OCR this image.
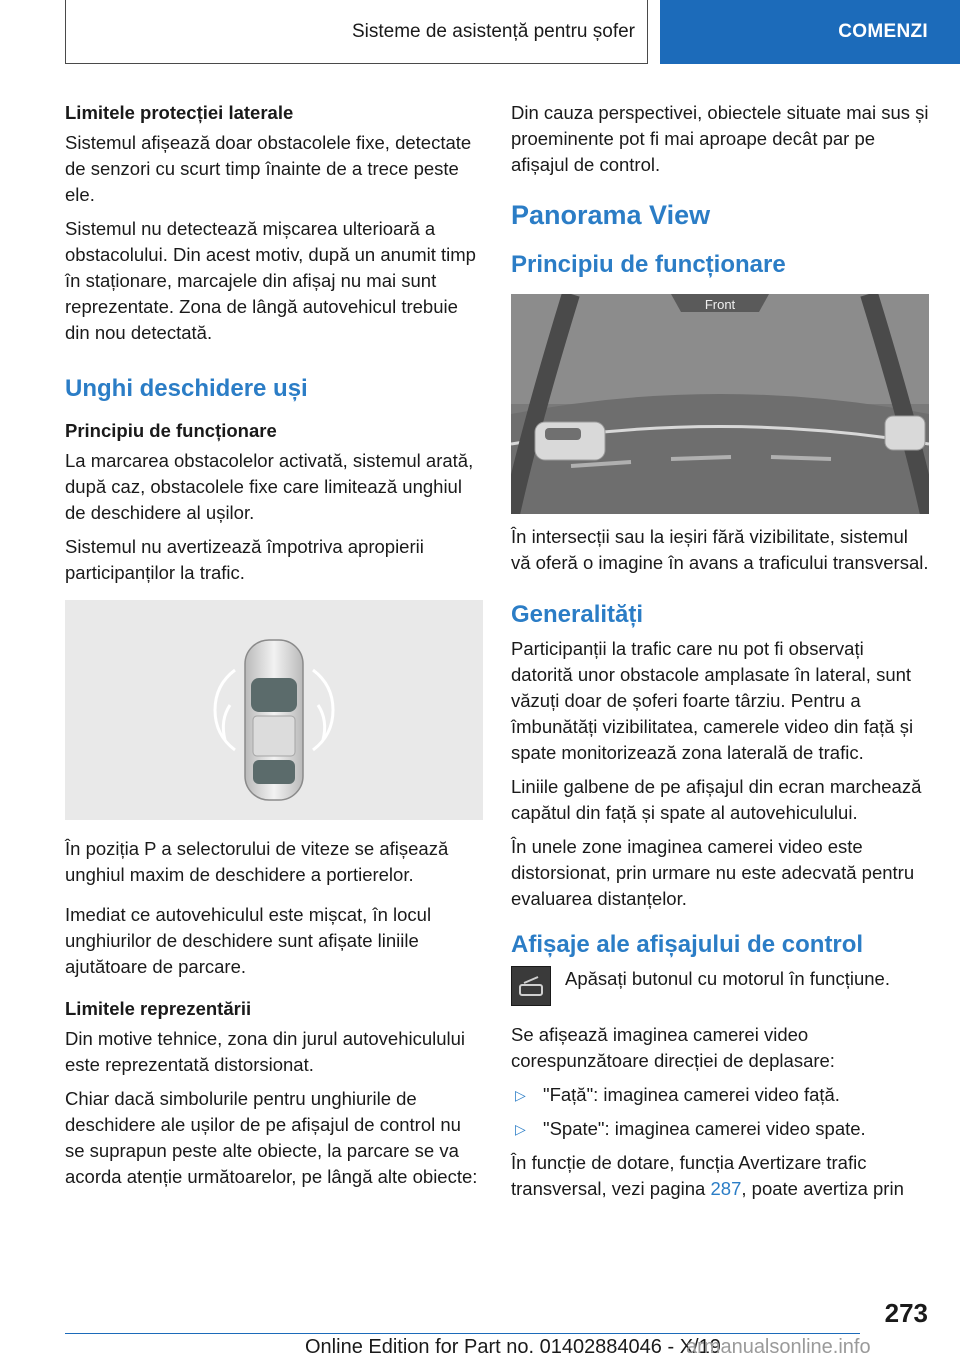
Sisteme de asistență pentru șofer	COMENZI
Limitele protecției laterale

Sistemul afișează doar obstacolele fixe, detectate de senzori cu scurt timp înainte de a trece peste ele.

Sistemul nu detectează mișcarea ulterioară a obstacolului. Din acest motiv, după un anumit timp în staționare, marcajele din afișaj nu mai sunt reprezentate. Zona de lângă autovehicul trebuie din nou detectată.

Unghi deschidere uși
Principiu de funcționare

La marcarea obstacolelor activată, sistemul arată, după caz, obstacolele fixe care limitează unghiul de deschidere al ușilor.

Sistemul nu avertizează împotriva apropierii participanților la trafic.

În poziția P a selectorului de viteze se afișează unghiul maxim de deschidere a portierelor.

Imediat ce autovehiculul este mișcat, în locul unghiurilor de deschidere sunt afișate liniile ajutătoare de parcare.

Limitele reprezentării

Din motive tehnice, zona din jurul autovehiculului este reprezentată distorsionat.

Chiar dacă simbolurile pentru unghiurile de deschidere ale ușilor de pe afișajul de control nu se suprapun peste alte obiecte, la parcare se va acorda atenție următoarelor, pe lângă alte obiecte:

Din cauza perspectivei, obiectele situate mai sus și proeminente pot fi mai aproape decât par pe afișajul de control.

Panorama View
Principiu de funcționare
Front

În intersecții sau la ieșiri fără vizibilitate, sistemul vă oferă o imagine în avans a traficului transversal.

Generalități

Participanții la trafic care nu pot fi observați datorită unor obstacole amplasate în lateral, sunt văzuți doar de șoferi foarte târziu. Pentru a îmbunătăți vizibilitatea, camerele video din față și spate monitorizează zona laterală de trafic.

Liniile galbene de pe afișajul din ecran marchează capătul din față și spate al autovehiculului.

În unele zone imaginea camerei video este distorsionat, prin urmare nu este adecvată pentru evaluarea distanțelor.

Afișaje ale afișajului de control

Apăsați butonul cu motorul în funcțiune.

Se afișează imaginea camerei video corespunzătoare direcției de deplasare:

▷ "Față": imaginea camerei video față.
▷ "Spate": imaginea camerei video spate.

În funcție de dotare, funcția Avertizare trafic transversal, vezi pagina 287, poate avertiza prin

273
Online Edition for Part no. 01402884046 - X/19
armanualsonline.info
